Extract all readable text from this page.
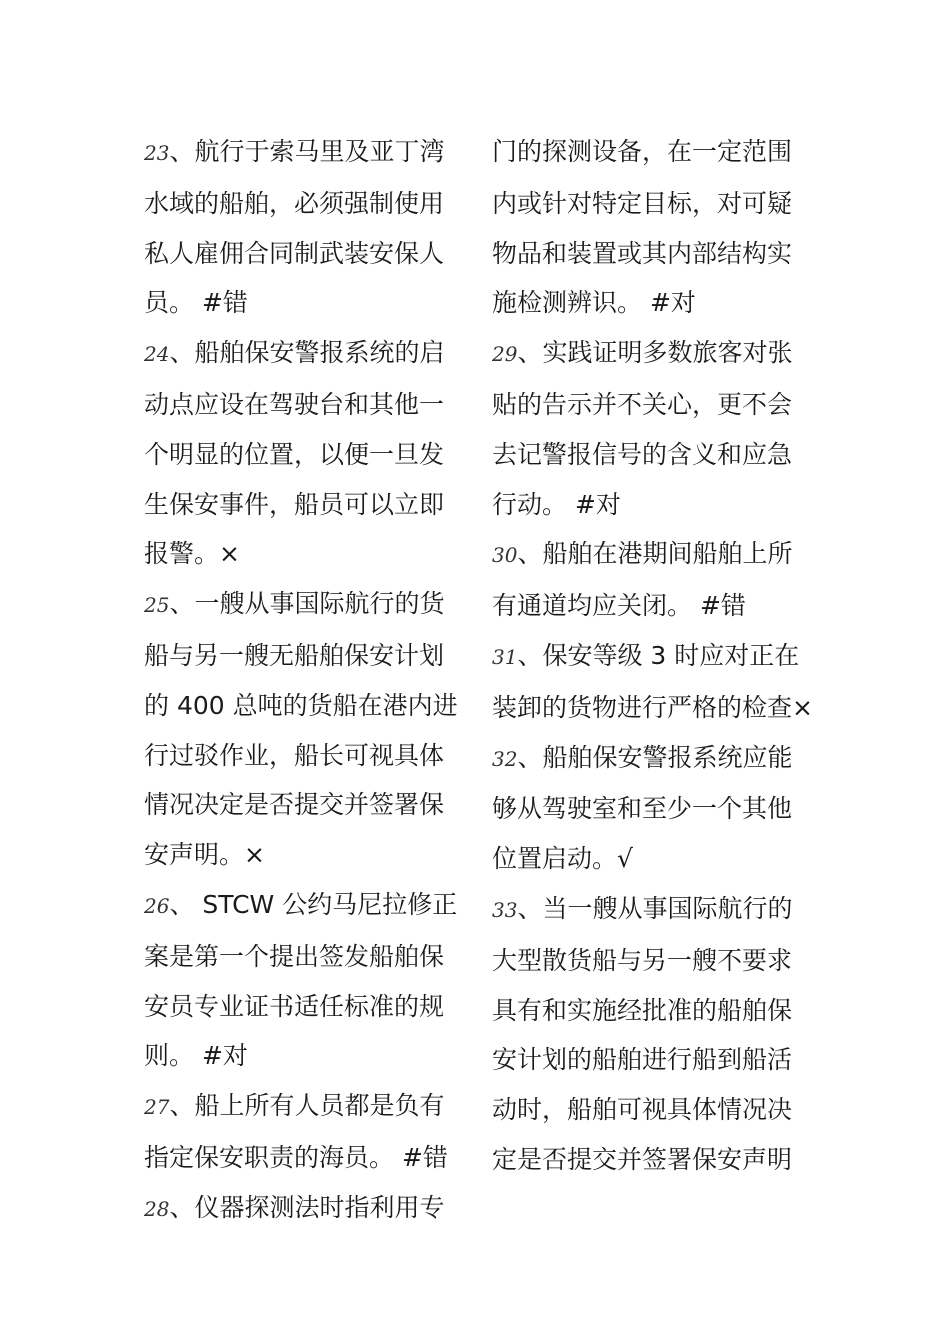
23、航行于索马里及亚丁湾水域的船舶，必须强制使用私人雇佣合同制武装安保人员。 #错

24、船舶保安警报系统的启动点应设在驾驶台和其他一个明显的位置，以便一旦发生保安事件，船员可以立即报警。×

25、一艘从事国际航行的货船与另一艘无船舶保安计划的 400 总吨的货船在港内进行过驳作业，船长可视具体情况决定是否提交并签署保安声明。×

26、 STCW 公约马尼拉修正案是第一个提出签发船舶保安员专业证书适任标准的规则。 #对

27、船上所有人员都是负有指定保安职责的海员。 #错

28、仪器探测法时指利用专

门的探测设备，在一定范围内或针对特定目标，对可疑物品和装置或其内部结构实施检测辨识。 #对

29、实践证明多数旅客对张贴的告示并不关心，更不会去记警报信号的含义和应急行动。 #对

30、船舶在港期间船舶上所有通道均应关闭。 #错

31、保安等级 3 时应对正在装卸的货物进行严格的检查×

32、船舶保安警报系统应能够从驾驶室和至少一个其他位置启动。√

33、当一艘从事国际航行的大型散货船与另一艘不要求具有和实施经批准的船舶保安计划的船舶进行船到船活动时，船舶可视具体情况决定是否提交并签署保安声明
